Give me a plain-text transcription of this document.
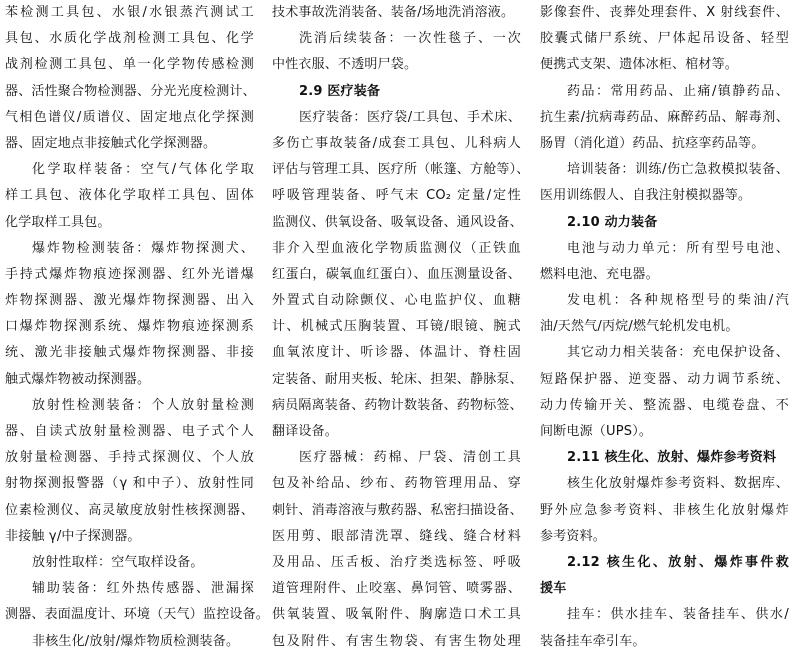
苯检测工具包、水银/水银蒸汽测试工
具包、水质化学战剂检测工具包、化学
战剂检测工具包、单一化学物传感检测
器、活性聚合物检测器、分光光度检测计、
气相色谱仪/质谱仪、固定地点化学探测
器、固定地点非接触式化学探测器。
化学取样装备：空气/气体化学取
样工具包、液体化学取样工具包、固体
化学取样工具包。
爆炸物检测装备：爆炸物探测犬、
手持式爆炸物痕迹探测器、红外光谱爆
炸物探测器、激光爆炸物探测器、出入
口爆炸物探测系统、爆炸物痕迹探测系
统、激光非接触式爆炸物探测器、非接
触式爆炸物被动探测器。
放射性检测装备：个人放射量检测
器、自读式放射量检测器、电子式个人
放射量检测器、手持式探测仪、个人放
射物探测报警器（γ 和中子）、放射性同
位素检测仪、高灵敏度放射性核探测器、
非接触 γ/中子探测器。
放射性取样：空气取样设备。
辅助装备：红外热传感器、泄漏探
测器、表面温度计、环境（天气）监控设备。
非核生化/放射/爆炸物质检测装备。
技术事故洗消装备、装备/场地洗消溶液。
洗消后续装备：一次性毯子、一次
中性衣服、不透明尸袋。
2.9 医疗装备
医疗装备：医疗袋/工具包、手术床、
多伤亡事故装备/成套工具包、儿科病人
评估与管理工具、医疗所（帐篷、方舱等）、
呼吸管理装备、呼气末 CO₂ 定量/定性
监测仪、供氧设备、吸氧设备、通风设备、
非介入型血液化学物质监测仪（正铁血
红蛋白，碳氧血红蛋白）、血压测量设备、
外置式自动除颤仪、心电监护仪、血糖
计、机械式压胸装置、耳镜/眼镜、腕式
血氧浓度计、听诊器、体温计、脊柱固
定装备、耐用夹板、轮床、担架、静脉泵、
病员隔离装备、药物计数装备、药物标签、
翻译设备。
医疗器械：药棉、尸袋、清创工具
包及补给品、纱布、药物管理用品、穿
刺针、消毒溶液与敷药器、私密扫描设备、
医用剪、眼部清洗罩、缝线、缝合材料
及用品、压舌板、治疗类选标签、呼吸
道管理附件、止咬塞、鼻饲管、喷雾器、
供氧装置、吸氧附件、胸廓造口术工具
包及附件、有害生物袋、有害生物处理
影像套件、丧葬处理套件、X 射线套件、
胶囊式储尸系统、尸体起吊设备、轻型
便携式支架、遗体冰柜、棺材等。
药品：常用药品、止痛/镇静药品、
抗生素/抗病毒药品、麻醉药品、解毒剂、
肠胃（消化道）药品、抗痉挛药品等。
培训装备：训练/伤亡急救模拟装备、
医用训练假人、自我注射模拟器等。
2.10 动力装备
电池与动力单元：所有型号电池、
燃料电池、充电器。
发电机：各种规格型号的柴油/汽
油/天然气/丙烷/燃气轮机发电机。
其它动力相关装备：充电保护设备、
短路保护器、逆变器、动力调节系统、
动力传输开关、整流器、电缆卷盘、不
间断电源（UPS）。
2.11 核生化、放射、爆炸参考资料
核生化放射爆炸参考资料、数据库、
野外应急参考资料、非核生化放射爆炸
参考资料。
2.12 核生化、放射、爆炸事件救
援车
挂车：供水挂车、装备挂车、供水/
装备挂车牵引车。
